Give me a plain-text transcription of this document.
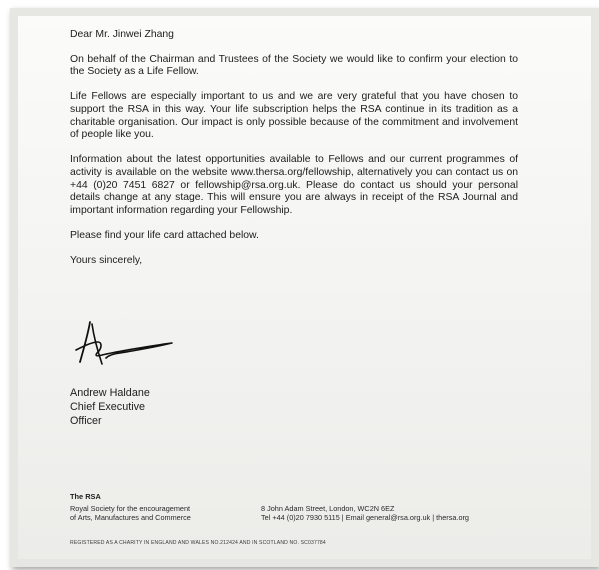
Dear Mr. Jinwei Zhang

On behalf of the Chairman and Trustees of the Society we would like to confirm your election to the Society as a Life Fellow.

Life Fellows are especially important to us and we are very grateful that you have chosen to support the RSA in this way. Your life subscription helps the RSA continue in its tradition as a charitable organisation. Our impact is only possible because of the commitment and involvement of people like you.

Information about the latest opportunities available to Fellows and our current programmes of activity is available on the website www.thersa.org/fellowship, alternatively you can contact us on +44 (0)20 7451 6827 or fellowship@rsa.org.uk. Please do contact us should your personal details change at any stage. This will ensure you are always in receipt of the RSA Journal and important information regarding your Fellowship.

Please find your life card attached below.

Yours sincerely,

Andrew Haldane
Chief Executive
Officer
The RSA
Royal Society for the encouragement
of Arts, Manufactures and Commerce
8 John Adam Street, London, WC2N 6EZ
Tel +44 (0)20 7930 5115 | Email general@rsa.org.uk | thersa.org
REGISTERED AS A CHARITY IN ENGLAND AND WALES NO.212424 AND IN SCOTLAND NO. SC037784
